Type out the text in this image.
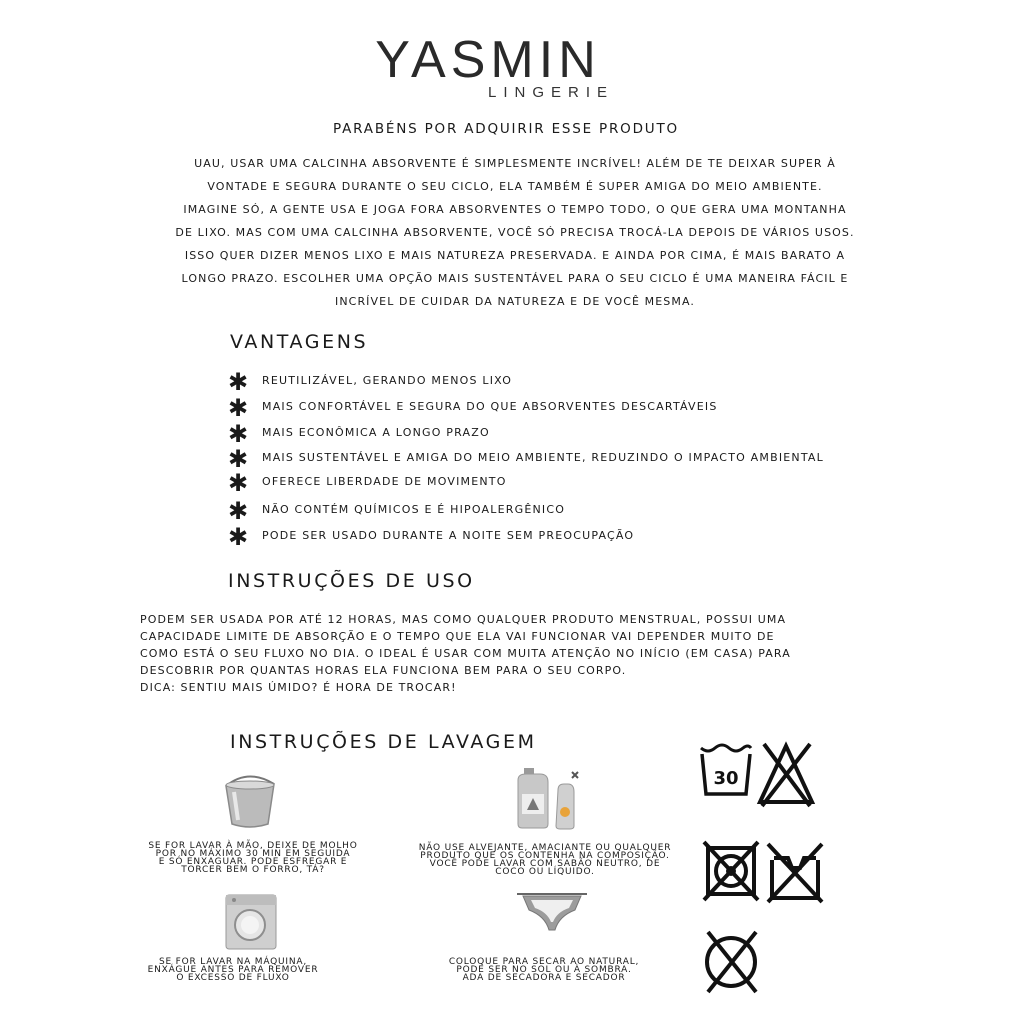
YASMIN
LINGERIE
PARABÉNS POR ADQUIRIR ESSE PRODUTO
UAU, USAR UMA CALCINHA ABSORVENTE É SIMPLESMENTE INCRÍVEL! ALÉM DE TE DEIXAR SUPER À
VONTADE E SEGURA DURANTE O SEU CICLO, ELA TAMBÉM É SUPER AMIGA DO MEIO AMBIENTE.
IMAGINE SÓ, A GENTE USA E JOGA FORA ABSORVENTES O TEMPO TODO, O QUE GERA UMA MONTANHA
DE LIXO. MAS COM UMA CALCINHA ABSORVENTE, VOCÊ SÓ PRECISA TROCÁ-LA DEPOIS DE VÁRIOS USOS.
ISSO QUER DIZER MENOS LIXO E MAIS NATUREZA PRESERVADA. E AINDA POR CIMA, É MAIS BARATO A
LONGO PRAZO. ESCOLHER UMA OPÇÃO MAIS SUSTENTÁVEL PARA O SEU CICLO É UMA MANEIRA FÁCIL E
INCRÍVEL DE CUIDAR DA NATUREZA E DE VOCÊ MESMA.
VANTAGENS
✱	REUTILIZÁVEL, GERANDO MENOS LIXO
✱	MAIS CONFORTÁVEL E SEGURA DO QUE ABSORVENTES DESCARTÁVEIS
✱	MAIS ECONÔMICA A LONGO PRAZO
✱	MAIS SUSTENTÁVEL E AMIGA DO MEIO AMBIENTE, REDUZINDO O IMPACTO AMBIENTAL
✱	OFERECE LIBERDADE DE MOVIMENTO
✱	NÃO CONTÉM QUÍMICOS E É HIPOALERGÊNICO
✱	PODE SER USADO DURANTE A NOITE SEM PREOCUPAÇÃO
INSTRUÇÕES DE USO
PODEM SER USADA POR ATÉ 12 HORAS, MAS COMO QUALQUER PRODUTO MENSTRUAL, POSSUI UMA
CAPACIDADE LIMITE DE ABSORÇÃO E O TEMPO QUE ELA VAI FUNCIONAR VAI DEPENDER MUITO DE
COMO ESTÁ O SEU FLUXO NO DIA. O IDEAL É USAR COM MUITA ATENÇÃO NO INÍCIO (EM CASA) PARA
DESCOBRIR POR QUANTAS HORAS ELA FUNCIONA BEM PARA O SEU CORPO.
DICA: SENTIU MAIS ÚMIDO? É HORA DE TROCAR!
INSTRUÇÕES DE LAVAGEM
SE FOR LAVAR À MÃO, DEIXE DE MOLHO
POR NO MÁXIMO 30 MIN EM SEGUIDA
E SÓ ENXAGUAR. PODE ESFREGAR E
TORCER BEM O FORRO, TÁ?
NÃO USE ALVEJANTE, AMACIANTE OU QUALQUER
PRODUTO QUE OS CONTENHA NA COMPOSIÇÃO.
VOCÊ PODE LAVAR COM SABÃO NEUTRO, DE
COCO OU LÍQUIDO.
SE FOR LAVAR NA MÁQUINA,
ENXÁGUE ANTES PARA REMOVER
O EXCESSO DE FLUXO
COLOQUE PARA SECAR AO NATURAL,
PODE SER NO SOL OU À SOMBRA.
ADA DE SECADORA E SECADOR
30
